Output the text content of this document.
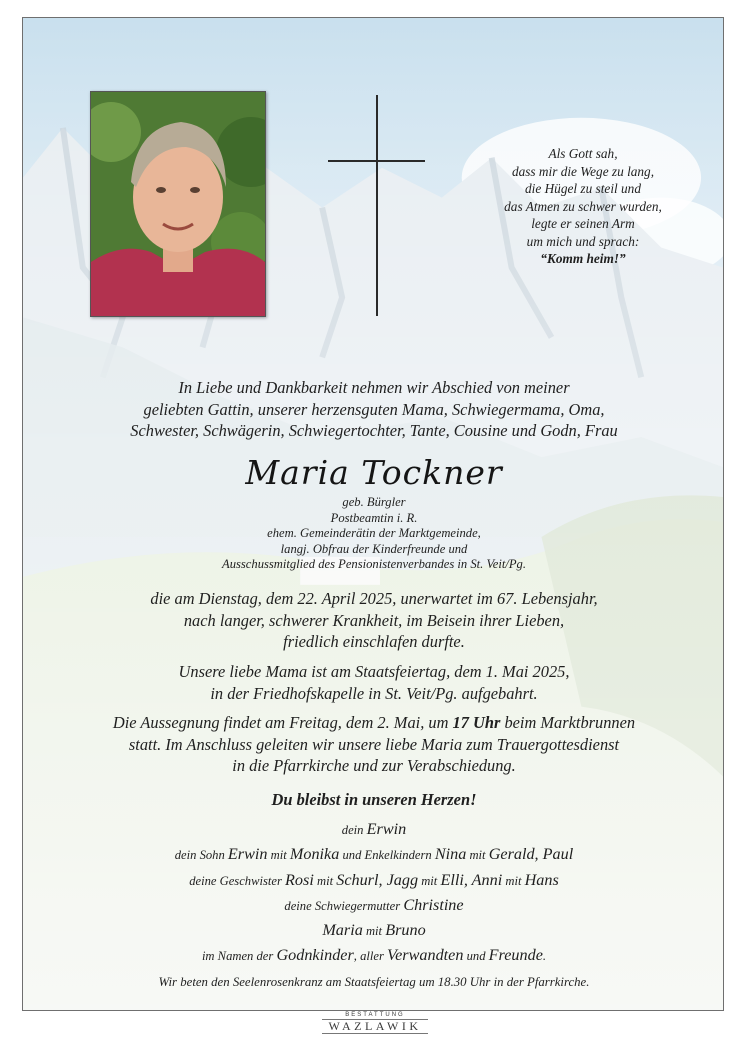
Als Gott sah,
dass mir die Wege zu lang,
die Hügel zu steil und
das Atmen zu schwer wurden,
legte er seinen Arm
um mich und sprach:
“Komm heim!”
In Liebe und Dankbarkeit nehmen wir Abschied von meiner
geliebten Gattin, unserer herzensguten Mama, Schwiegermama, Oma,
Schwester, Schwägerin, Schwiegertochter, Tante, Cousine und Godn, Frau
Maria Tockner
geb. Bürgler
Postbeamtin i. R.
ehem. Gemeinderätin der Marktgemeinde,
langj. Obfrau der Kinderfreunde und
Ausschussmitglied des Pensionistenverbandes in St. Veit/Pg.
die am Dienstag, dem 22. April 2025, unerwartet im 67. Lebensjahr,
nach langer, schwerer Krankheit, im Beisein ihrer Lieben,
friedlich einschlafen durfte.
Unsere liebe Mama ist am Staatsfeiertag, dem 1. Mai 2025,
in der Friedhofskapelle in St. Veit/Pg. aufgebahrt.
Die Aussegnung findet am Freitag, dem 2. Mai, um 17 Uhr beim Marktbrunnen
statt. Im Anschluss geleiten wir unsere liebe Maria zum Trauergottesdienst
in die Pfarrkirche und zur Verabschiedung.
Du bleibst in unseren Herzen!
dein Erwin
dein Sohn Erwin mit Monika und Enkelkindern Nina mit Gerald, Paul
deine Geschwister Rosi mit Schurl, Jagg mit Elli, Anni mit Hans
deine Schwiegermutter Christine
Maria mit Bruno
im Namen der Godnkinder, aller Verwandten und Freunde.
Wir beten den Seelenrosenkranz am Staatsfeiertag um 18.30 Uhr in der Pfarrkirche.
BESTATTUNG
WAZLAWIK
